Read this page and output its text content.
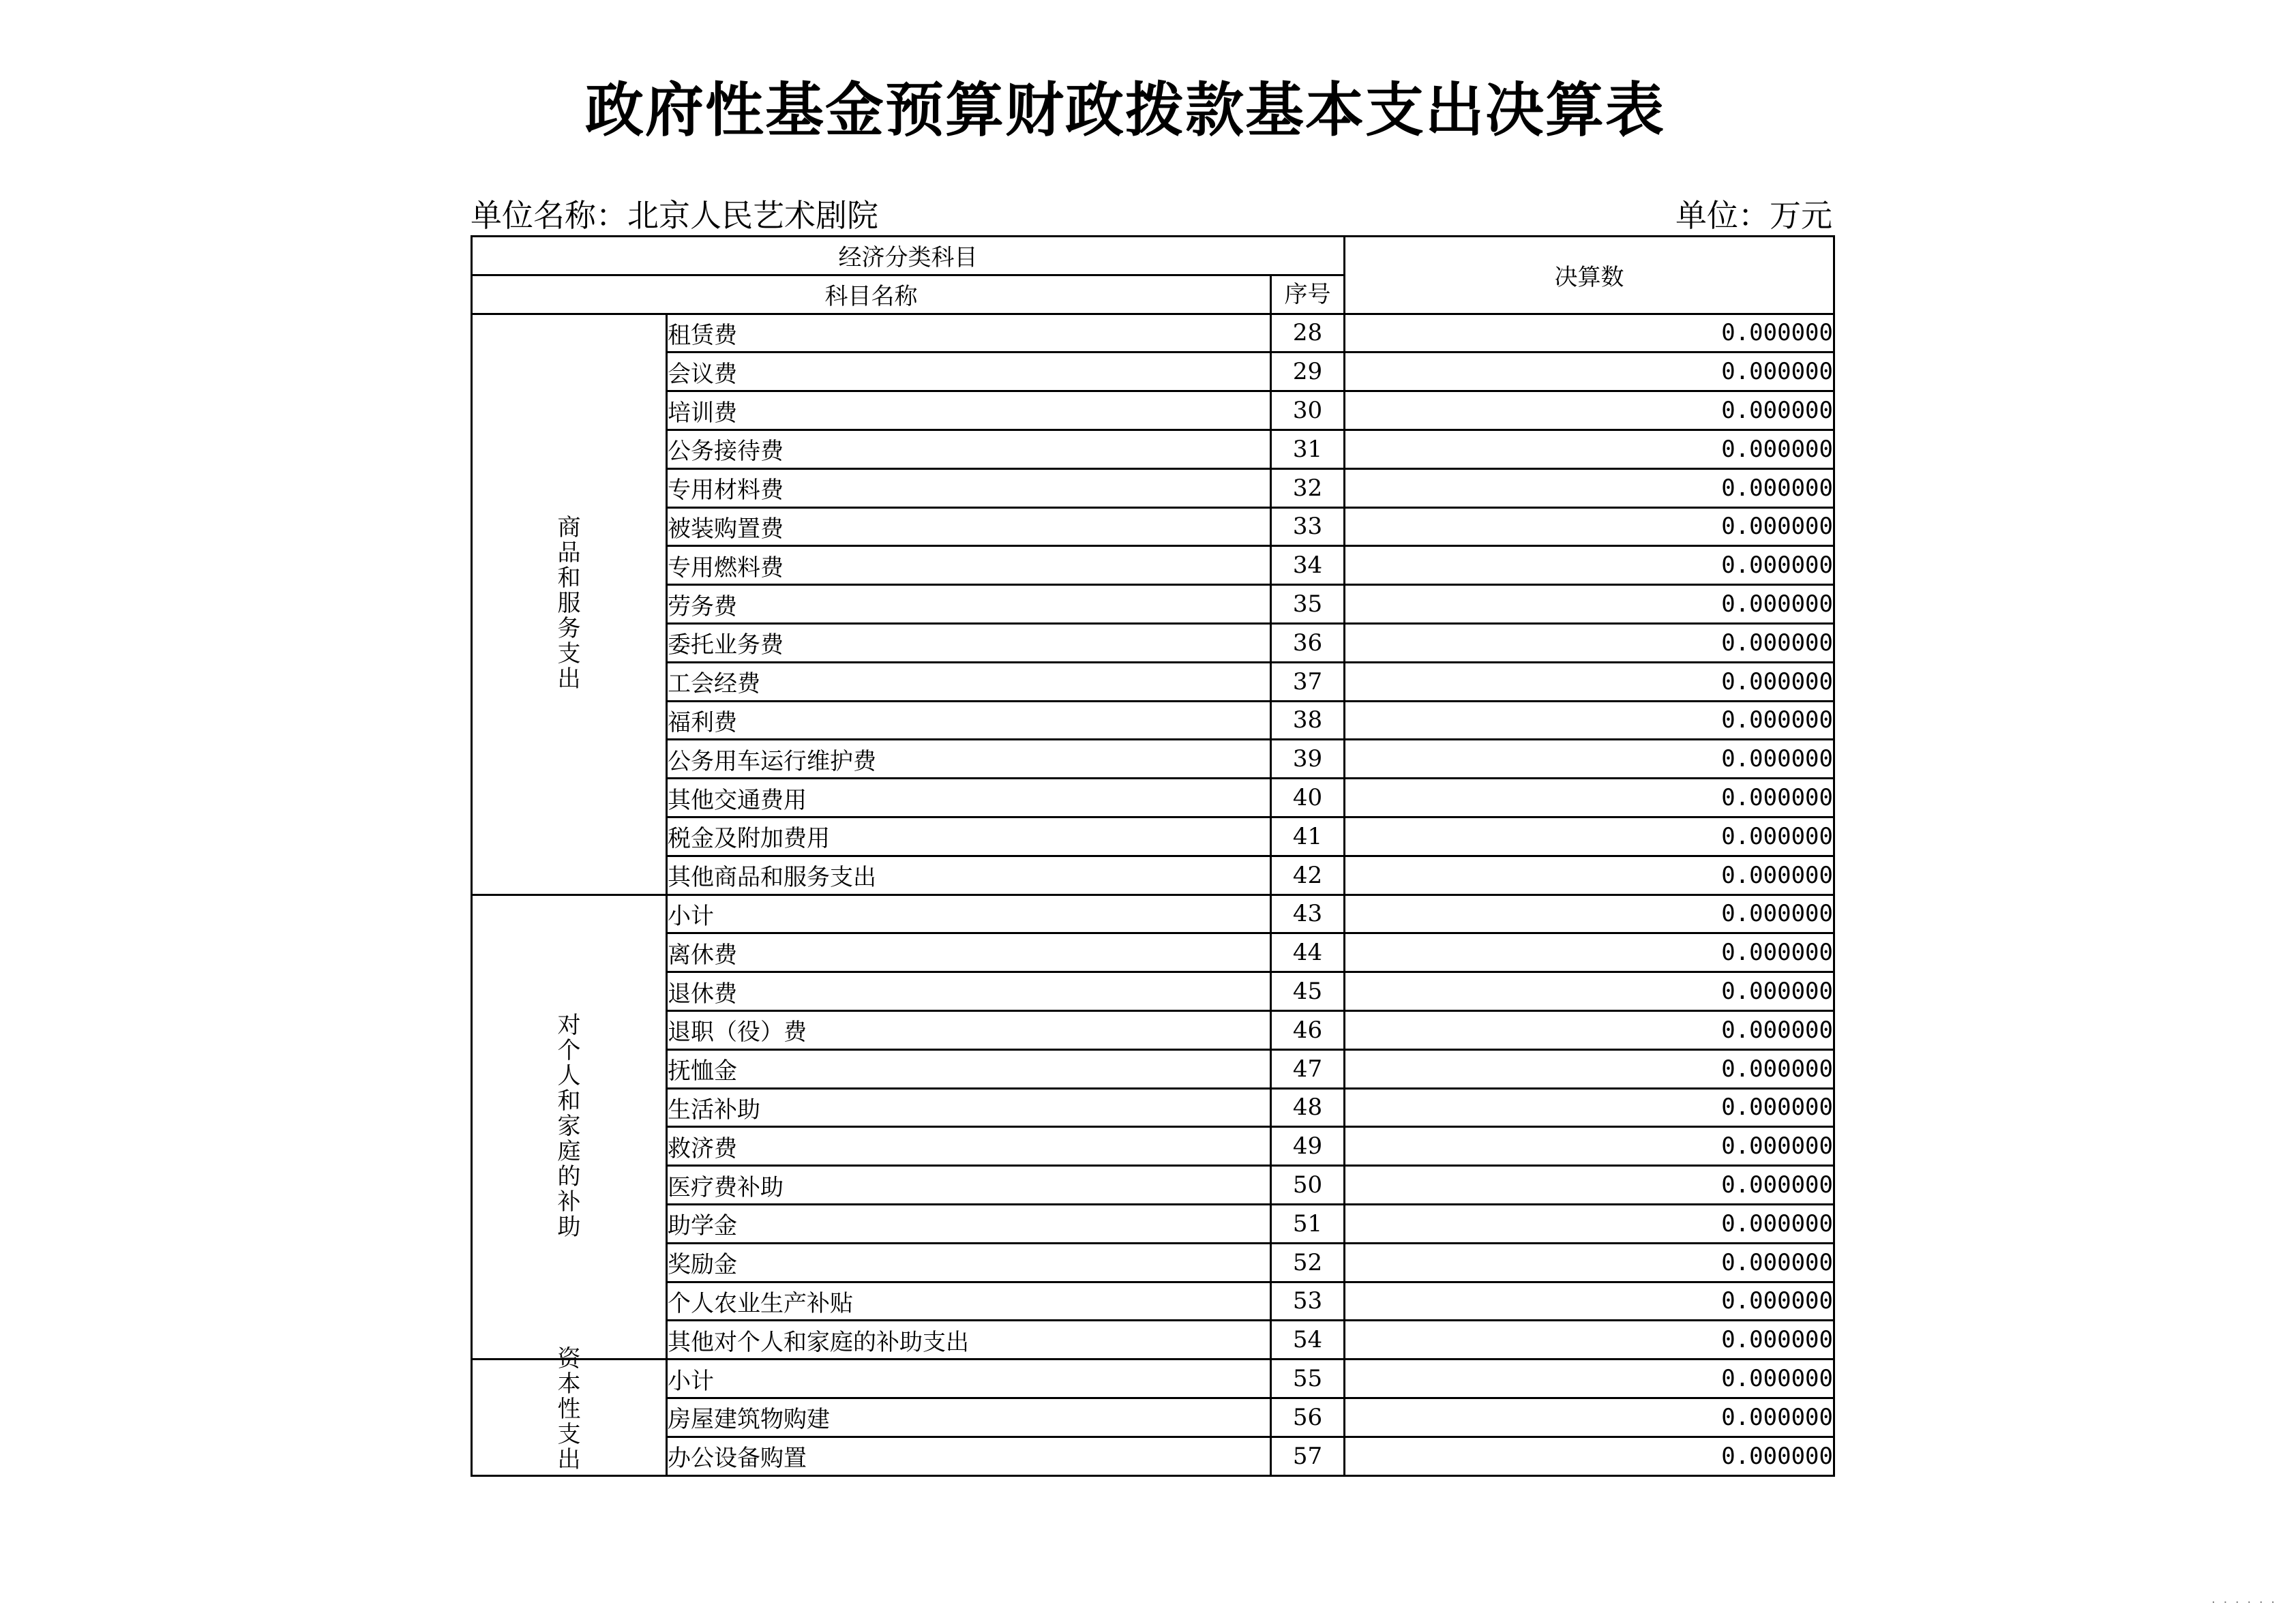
政府性基金预算财政拨款基本支出决算表
单位名称：北京人民艺术剧院	单位：万元
经济分类科目			决算数
科目名称		序号	
商品和服务支出	租赁费	28	0.000000
	会议费	29	0.000000
	培训费	30	0.000000
	公务接待费	31	0.000000
	专用材料费	32	0.000000
	被装购置费	33	0.000000
	专用燃料费	34	0.000000
	劳务费	35	0.000000
	委托业务费	36	0.000000
	工会经费	37	0.000000
	福利费	38	0.000000
	公务用车运行维护费	39	0.000000
	其他交通费用	40	0.000000
	税金及附加费用	41	0.000000
	其他商品和服务支出	42	0.000000
对个人和家庭的补助	小计	43	0.000000
	离休费	44	0.000000
	退休费	45	0.000000
	退职（役）费	46	0.000000
	抚恤金	47	0.000000
	生活补助	48	0.000000
	救济费	49	0.000000
	医疗费补助	50	0.000000
	助学金	51	0.000000
	奖励金	52	0.000000
	个人农业生产补贴	53	0.000000
	其他对个人和家庭的补助支出	54	0.000000
资本性支出	小计	55	0.000000
	房屋建筑物购建	56	0.000000
	办公设备购置	57	0.000000
· · · · · ·
